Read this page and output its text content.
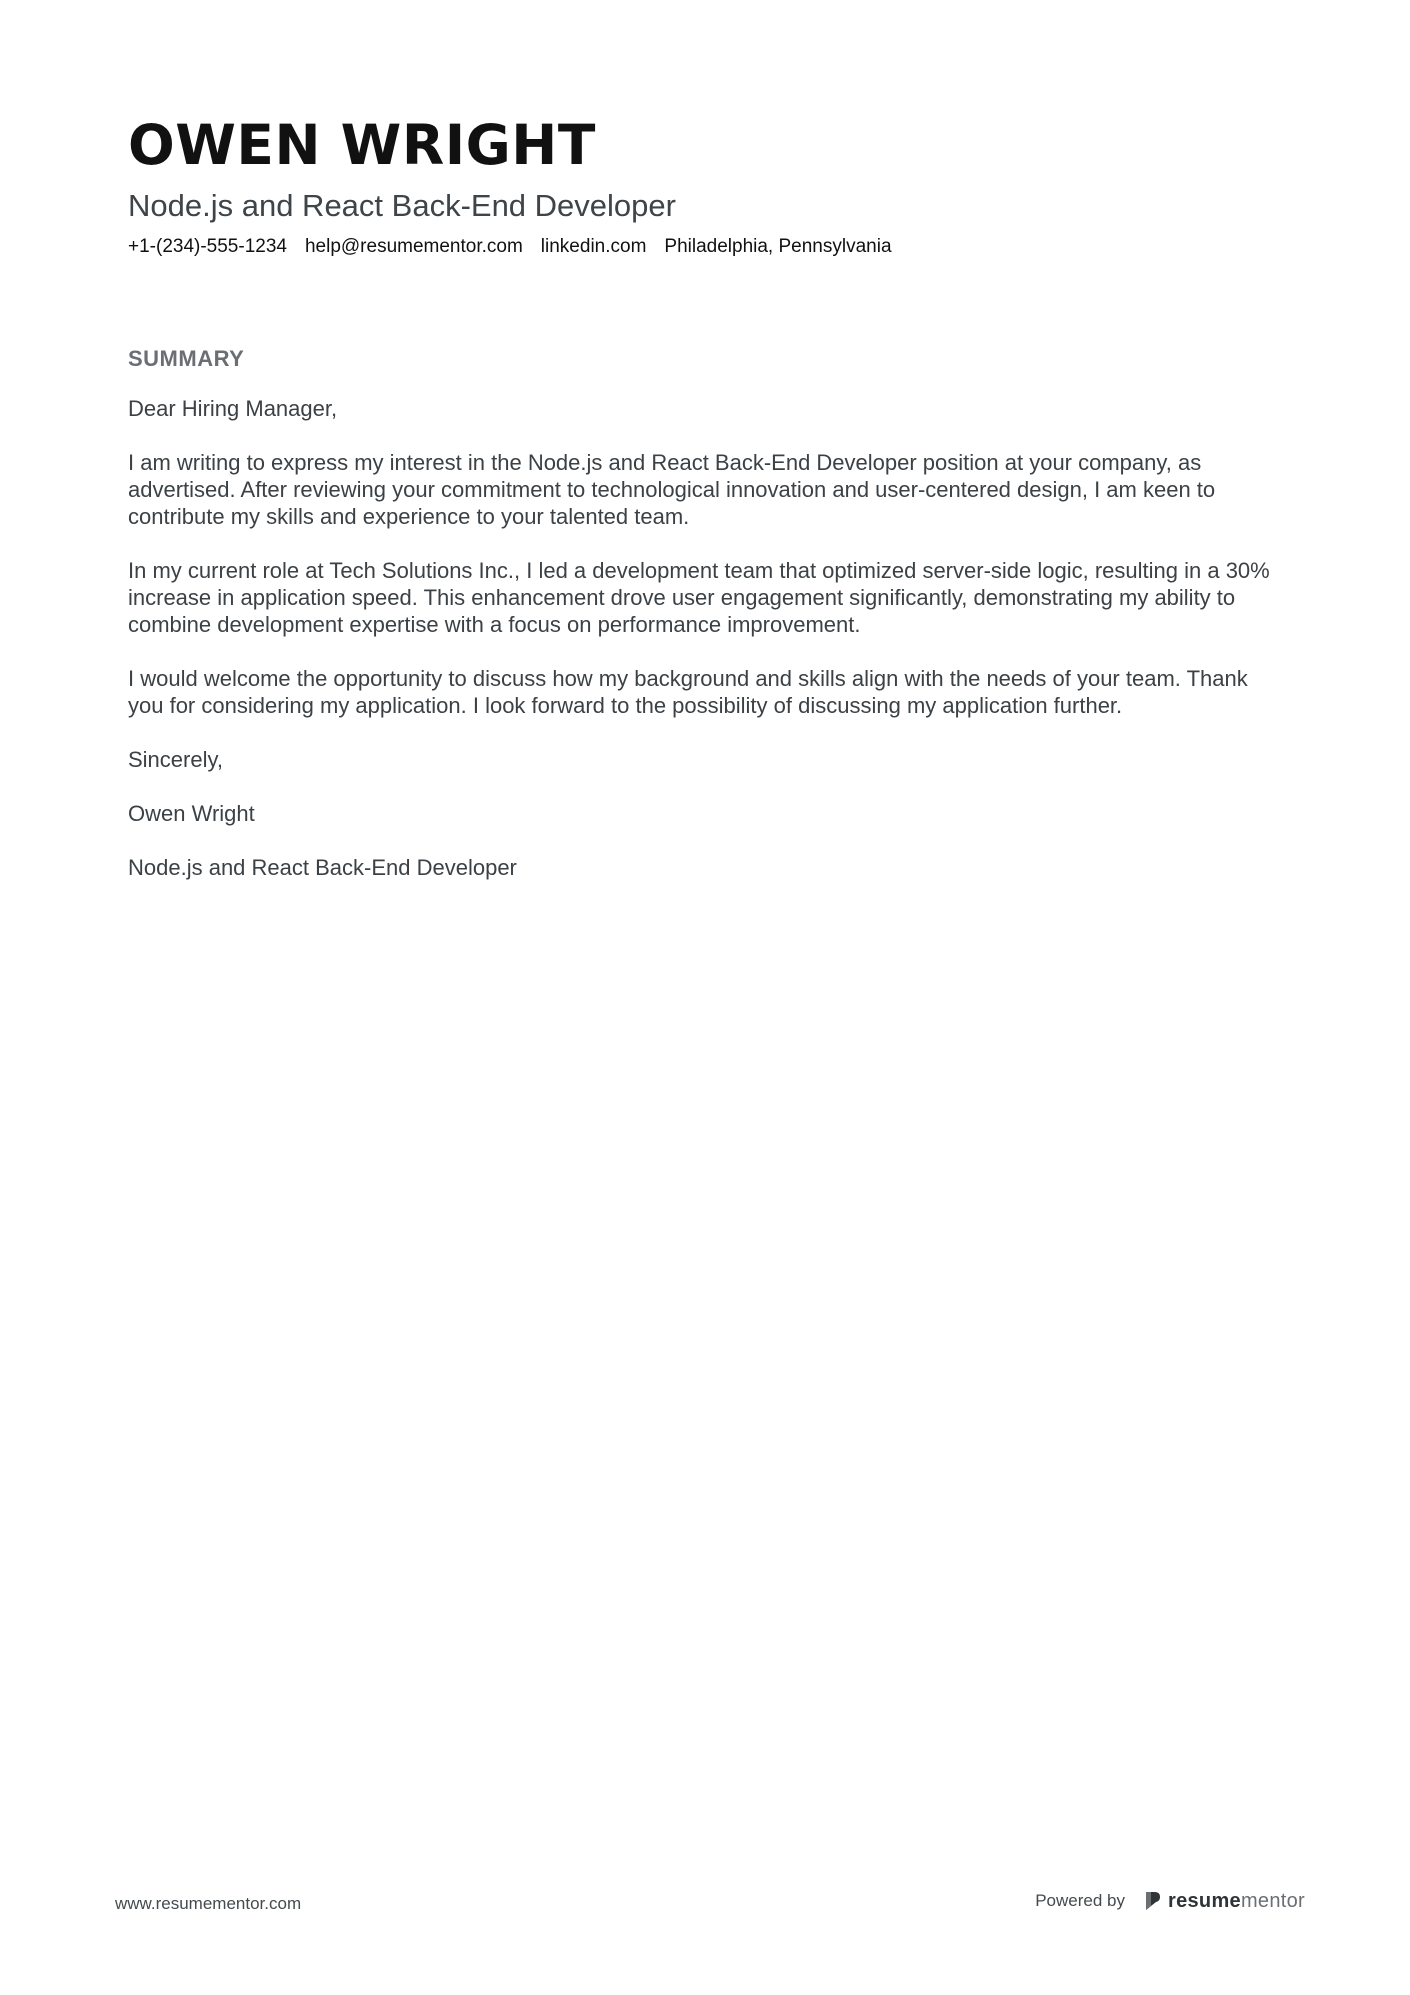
OWEN WRIGHT
Node.js and React Back-End Developer
+1-(234)-555-1234 help@resumementor.com linkedin.com Philadelphia, Pennsylvania
SUMMARY

Dear Hiring Manager,

I am writing to express my interest in the Node.js and React Back-End Developer position at your company, as advertised. After reviewing your commitment to technological innovation and user-centered design, I am keen to contribute my skills and experience to your talented team.

In my current role at Tech Solutions Inc., I led a development team that optimized server-side logic, resulting in a 30% increase in application speed. This enhancement drove user engagement significantly, demonstrating my ability to combine development expertise with a focus on performance improvement.

I would welcome the opportunity to discuss how my background and skills align with the needs of your team. Thank you for considering my application. I look forward to the possibility of discussing my application further.

Sincerely,

Owen Wright

Node.js and React Back-End Developer

www.resumementor.com	Powered by resumementor
